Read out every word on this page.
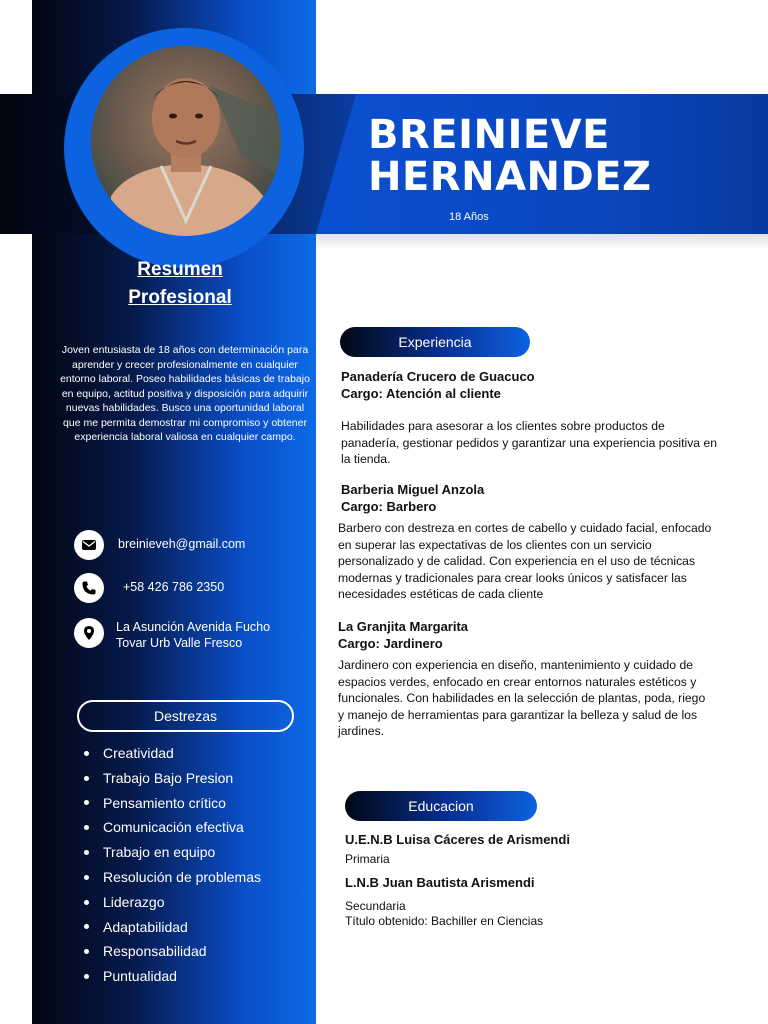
BREINIEVE
HERNANDEZ
18 Años
Resumen
Profesional
Joven entusiasta de 18 años con determinación para aprender y crecer profesionalmente en cualquier entorno laboral. Poseo habilidades básicas de trabajo en equipo, actitud positiva y disposición para adquirir nuevas habilidades. Busco una oportunidad laboral que me permita demostrar mi compromiso y obtener experiencia laboral valiosa en cualquier campo.
breinieveh@gmail.com
+58 426 786 2350
La Asunción Avenida Fucho Tovar Urb Valle Fresco
Destrezas
Creatividad
Trabajo Bajo Presion
Pensamiento crítico
Comunicación efectiva
Trabajo en equipo
Resolución de problemas
Liderazgo
Adaptabilidad
Responsabilidad
Puntualidad
Experiencia
Panadería Crucero de Guacuco
Cargo: Atención al cliente
Habilidades para asesorar a los clientes sobre productos de panadería, gestionar pedidos y garantizar una experiencia positiva en la tienda.
Barberia Miguel Anzola
Cargo: Barbero
Barbero con destreza en cortes de cabello y cuidado facial, enfocado en superar las expectativas de los clientes con un servicio personalizado y de calidad. Con experiencia en el uso de técnicas modernas y tradicionales para crear looks únicos y satisfacer las necesidades estéticas de cada cliente
La Granjita Margarita
Cargo: Jardinero
Jardinero con experiencia en diseño, mantenimiento y cuidado de espacios verdes, enfocado en crear entornos naturales estéticos y funcionales. Con habilidades en la selección de plantas, poda, riego y manejo de herramientas para garantizar la belleza y salud de los jardines.
Educacion
U.E.N.B Luisa Cáceres de Arismendi
Primaria
L.N.B Juan Bautista Arismendi
Secundaria
Título obtenido: Bachiller en Ciencias
